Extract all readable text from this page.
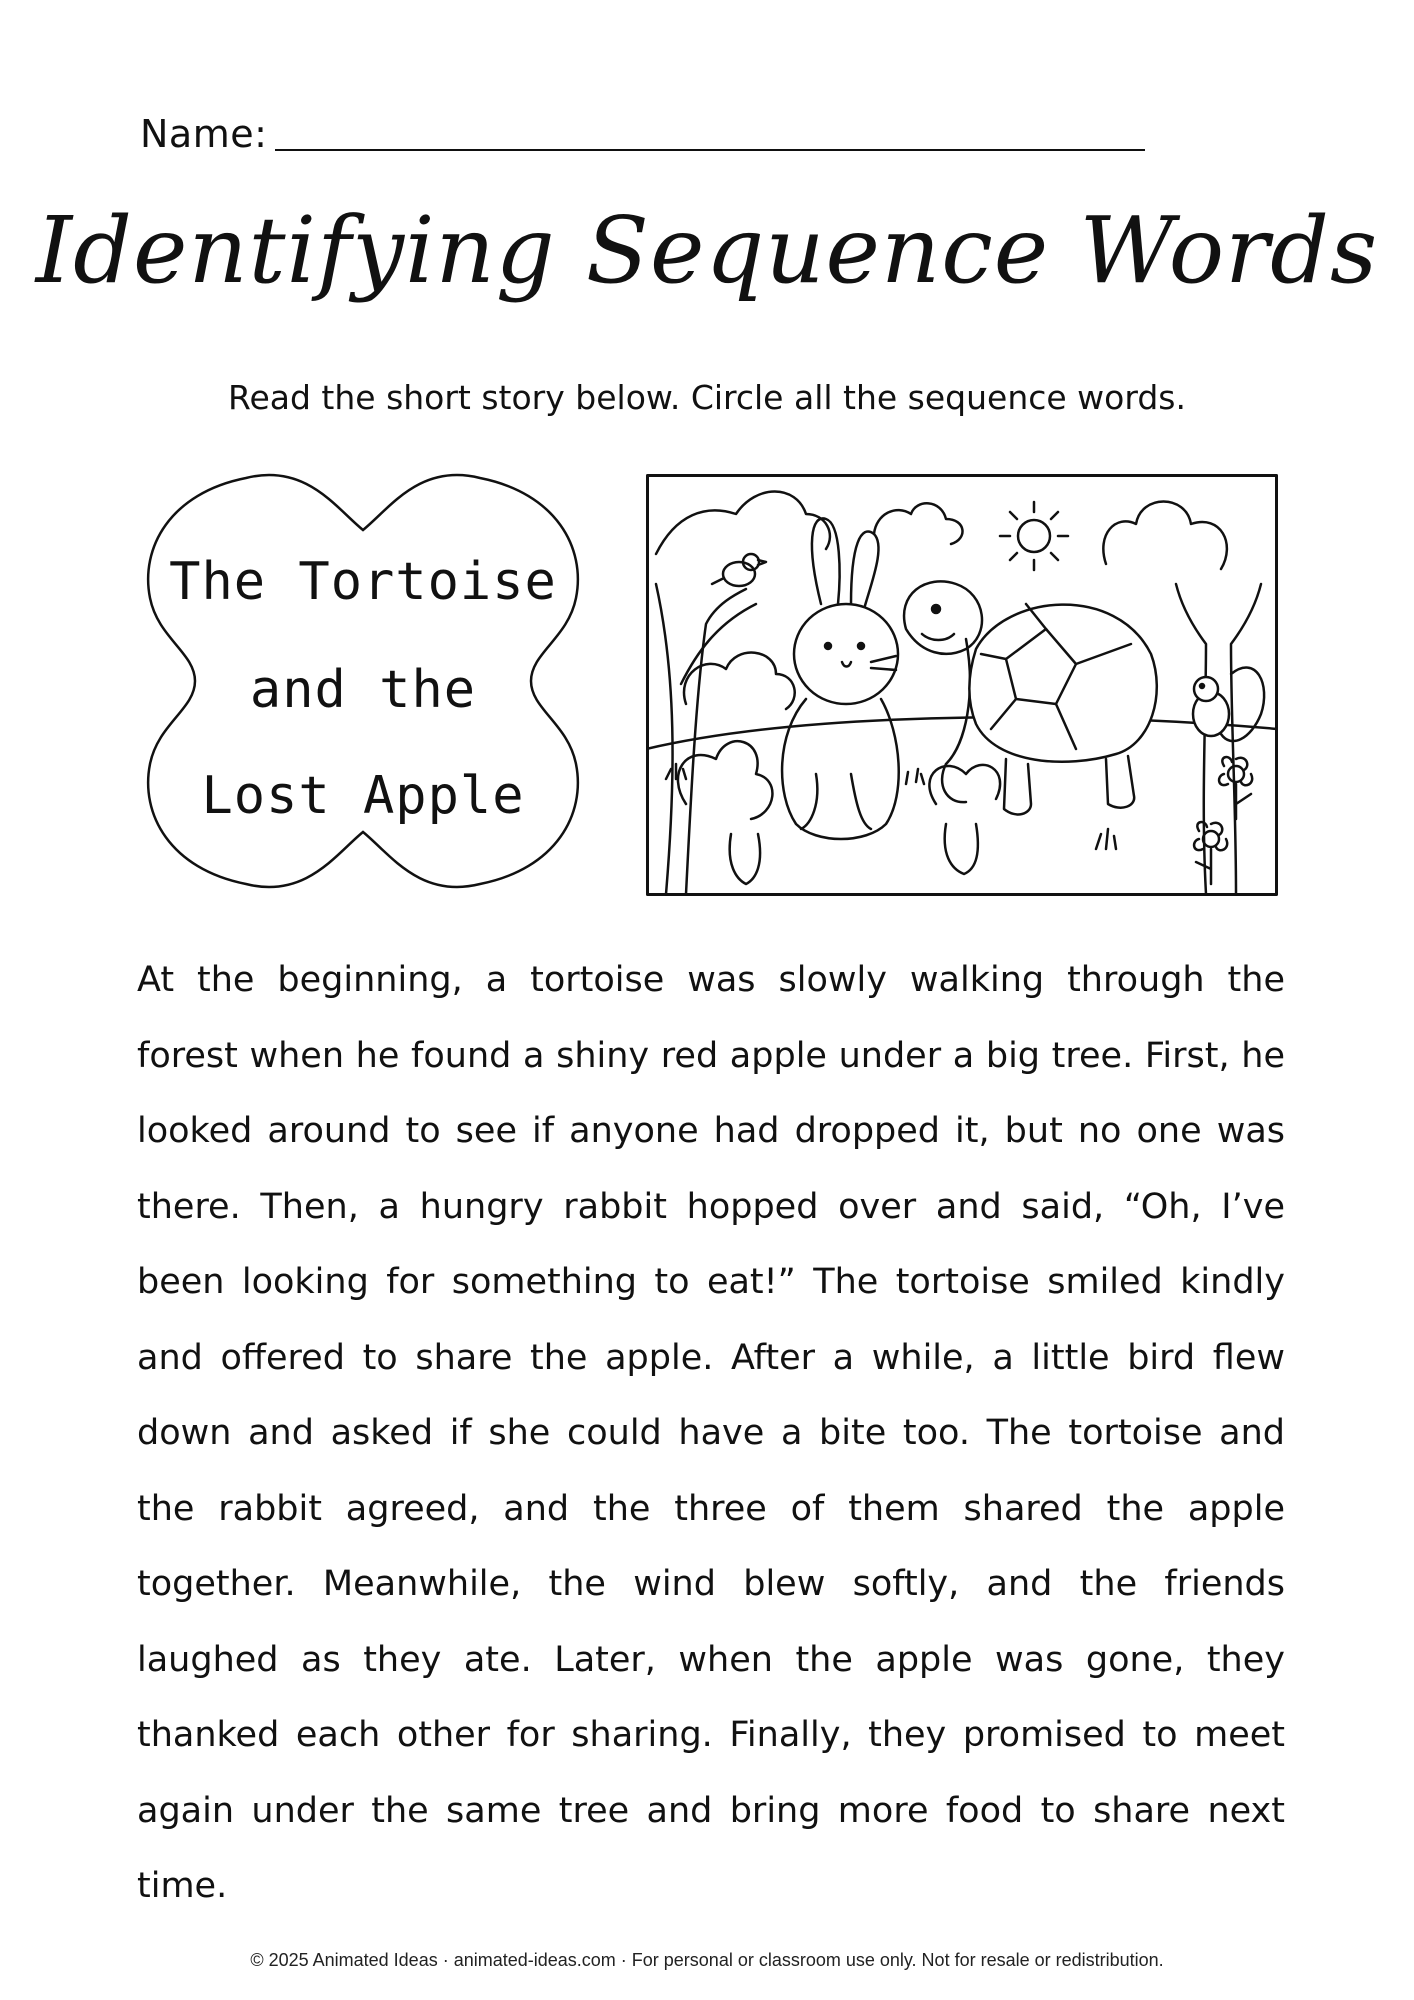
Name:
Identifying Sequence Words
Read the short story below. Circle all the sequence words.
The Tortoise
and the
Lost Apple

At the beginning, a tortoise was slowly walking through the forest when he found a shiny red apple under a big tree. First, he looked around to see if anyone had dropped it, but no one was there. Then, a hungry rabbit hopped over and said, “Oh, I’ve been looking for something to eat!” The tortoise smiled kindly and offered to share the apple. After a while, a little bird flew down and asked if she could have a bite too. The tortoise and the rabbit agreed, and the three of them shared the apple together. Meanwhile, the wind blew softly, and the friends laughed as they ate. Later, when the apple was gone, they thanked each other for sharing. Finally, they promised to meet again under the same tree and bring more food to share next time.

© 2025 Animated Ideas · animated-ideas.com · For personal or classroom use only. Not for resale or redistribution.
